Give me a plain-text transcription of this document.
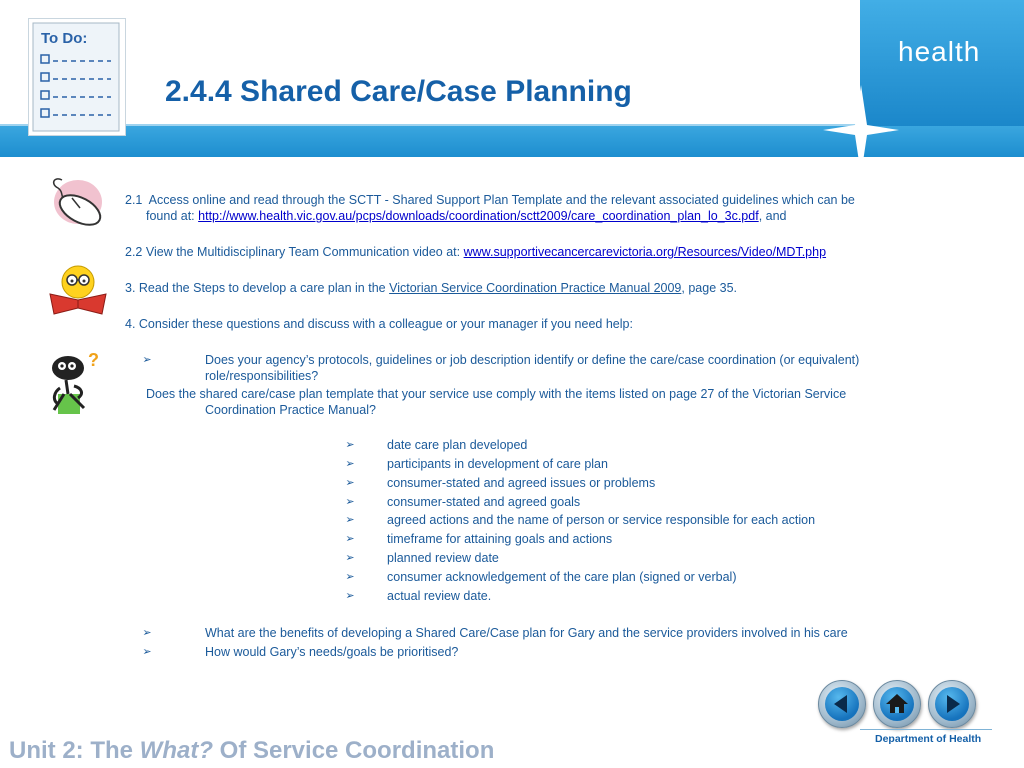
health
To Do:
2.4.4 Shared Care/Case Planning
?

2.1 Access online and read through the SCTT - Shared Support Plan Template and the relevant associated guidelines which can be

found at: http://www.health.vic.gov.au/pcps/downloads/coordination/sctt2009/care_coordination_plan_lo_3c.pdf, and

2.2 View the Multidisciplinary Team Communication video at: www.supportivecancercarevictoria.org/Resources/Video/MDT.php

3. Read the Steps to develop a care plan in the Victorian Service Coordination Practice Manual 2009, page 35.

4. Consider these questions and discuss with a colleague or your manager if you need help:

➢	Does your agency’s protocols, guidelines or job description identify or define the care/case coordination (or equivalent)
role/responsibilities?

Does the shared care/case plan template that your service use comply with the items listed on page 27 of the Victorian Service

Coordination Practice Manual?

➢	date care plan developed

➢	participants in development of care plan

➢	consumer-stated and agreed issues or problems

➢	consumer-stated and agreed goals

➢	agreed actions and the name of person or service responsible for each action

➢	timeframe for attaining goals and actions

➢	planned review date

➢	consumer acknowledgement of the care plan (signed or verbal)

➢	actual review date.

➢	What are the benefits of developing a Shared Care/Case plan for Gary and the service providers involved in his care

➢	How would Gary’s needs/goals be prioritised?

Department of Health
Unit 2: The What? Of Service Coordination
